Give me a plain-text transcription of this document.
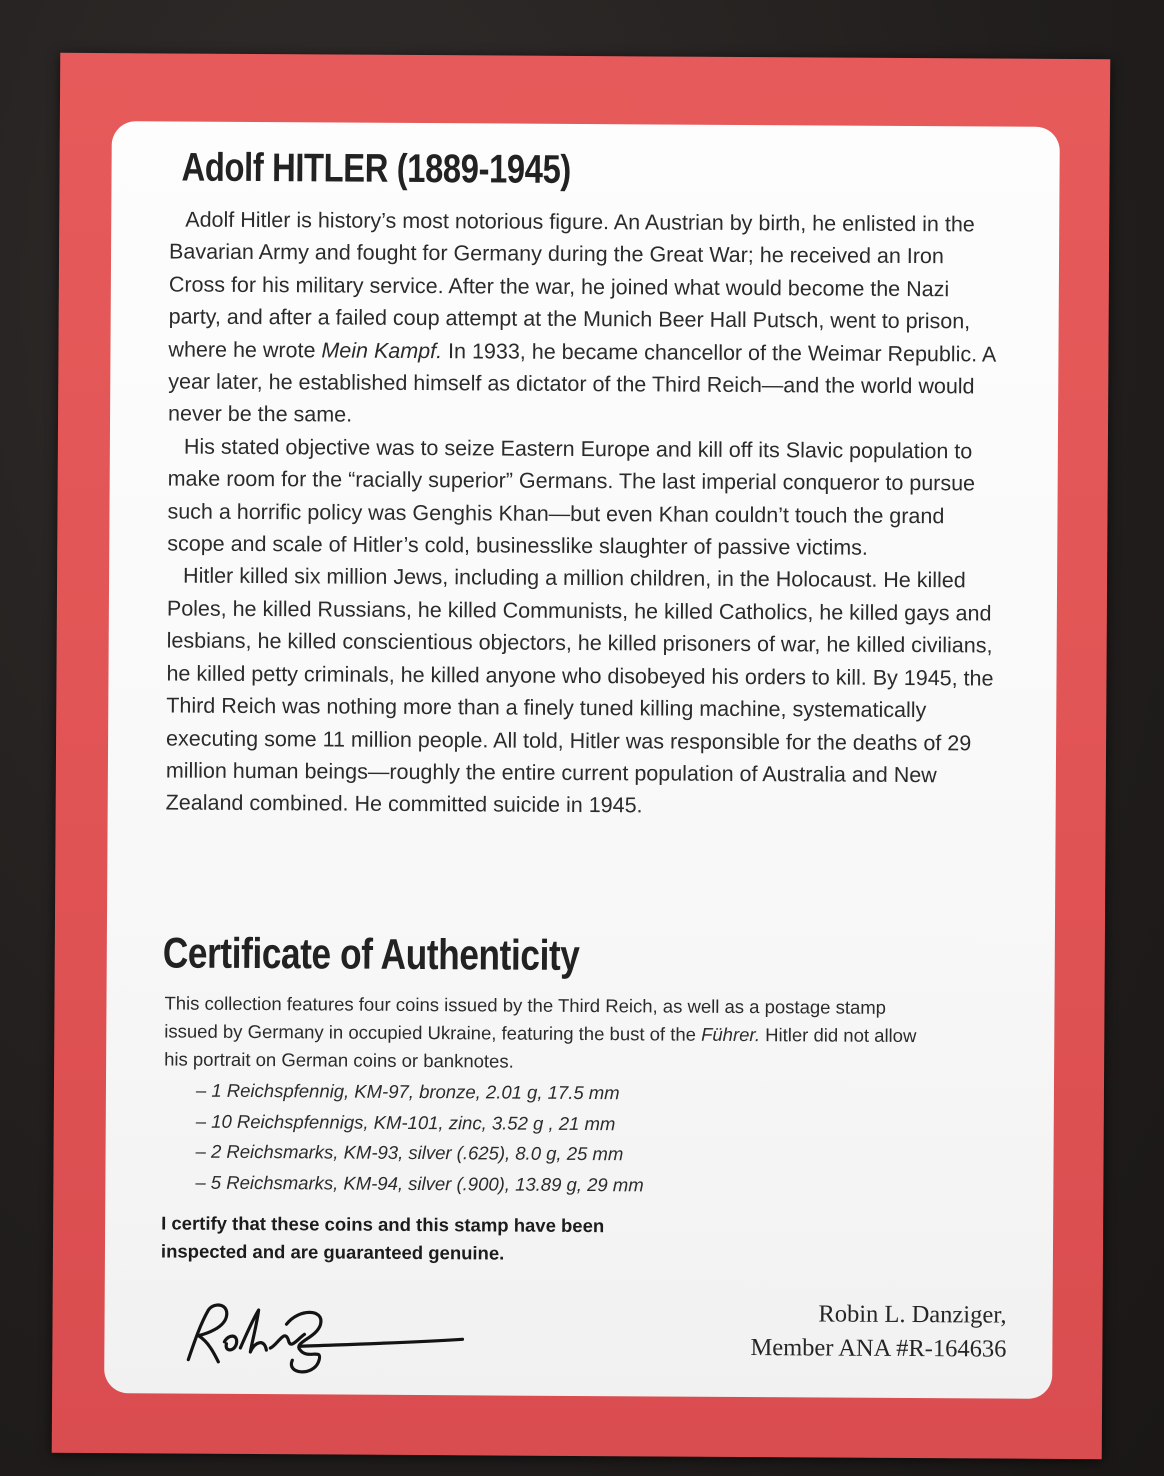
Adolf HITLER (1889-1945)

Adolf Hitler is history’s most notorious figure. An Austrian by birth, he enlisted in the Bavarian Army and fought for Germany during the Great War; he received an Iron Cross for his military service. After the war, he joined what would become the Nazi party, and after a failed coup attempt at the Munich Beer Hall Putsch, went to prison, where he wrote Mein Kampf. In 1933, he became chancellor of the Weimar Republic. A year later, he established himself as dictator of the Third Reich—and the world would never be the same.

His stated objective was to seize Eastern Europe and kill off its Slavic population to make room for the “racially superior” Germans. The last imperial conqueror to pursue such a horrific policy was Genghis Khan—but even Khan couldn’t touch the grand scope and scale of Hitler’s cold, businesslike slaughter of passive victims.

Hitler killed six million Jews, including a million children, in the Holocaust. He killed Poles, he killed Russians, he killed Communists, he killed Catholics, he killed gays and lesbians, he killed conscientious objectors, he killed prisoners of war, he killed civilians, he killed petty criminals, he killed anyone who disobeyed his orders to kill. By 1945, the Third Reich was nothing more than a finely tuned killing machine, systematically executing some 11 million people. All told, Hitler was responsible for the deaths of 29 million human beings—roughly the entire current population of Australia and New Zealand combined. He committed suicide in 1945.

Certificate of Authenticity

This collection features four coins issued by the Third Reich, as well as a postage stamp issued by Germany in occupied Ukraine, featuring the bust of the Führer. Hitler did not allow his portrait on German coins or banknotes.

– 1 Reichspfennig, KM-97, bronze, 2.01 g, 17.5 mm
– 10 Reichspfennigs, KM-101, zinc, 3.52 g , 21 mm
– 2 Reichsmarks, KM-93, silver (.625), 8.0 g, 25 mm
– 5 Reichsmarks, KM-94, silver (.900), 13.89 g, 29 mm

I certify that these coins and this stamp have been
inspected and are guaranteed genuine.

Robin L. Danziger,
Member ANA #R-164636
